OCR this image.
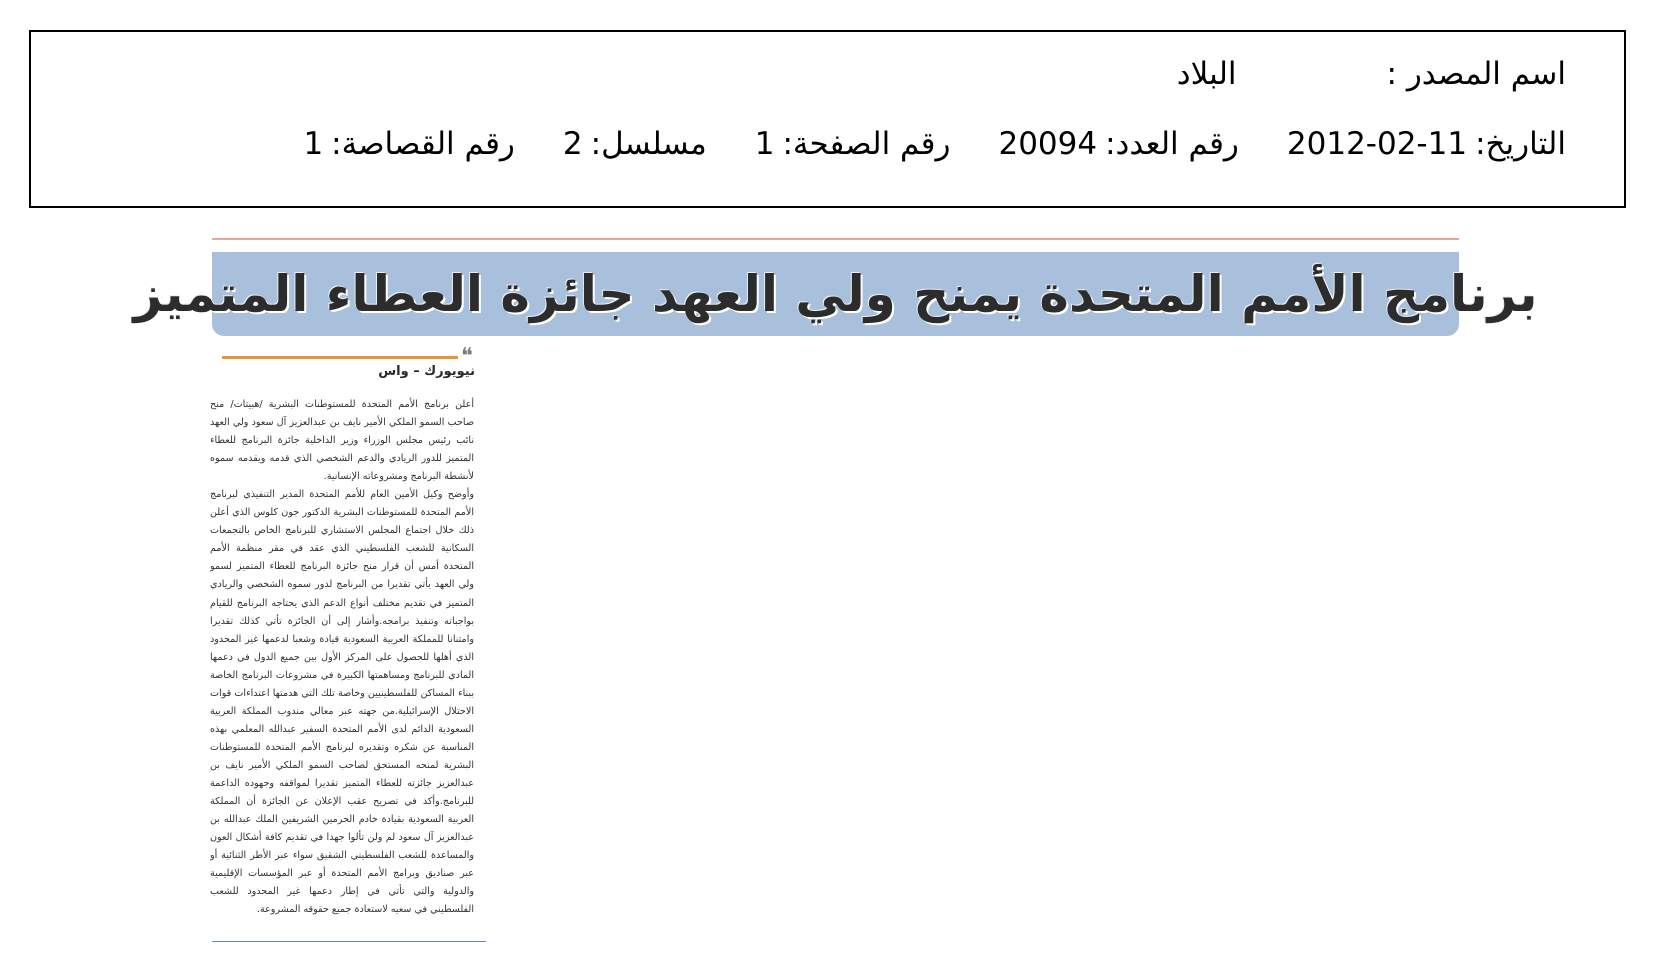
اسم المصدر :البلاد
التاريخ:2012-02-11رقم العدد:20094رقم الصفحة:1مسلسل:2رقم القصاصة:1
برنامج الأمم المتحدة يمنح ولي العهد جائزة العطاء المتميز
❝
نيويورك – واس

أعلن برنامج الأمم المتحدة للمستوطنات البشرية /هبيتات/ منح صاحب السمو الملكي الأمير نايف بن عبدالعزيز آل سعود ولي العهد نائب رئيس مجلس الوزراء وزير الداخلية جائزة البرنامج للعطاء المتميز للدور الريادي والدعم الشخصي الذي قدمه ويقدمه سموه لأنشطة البرنامج ومشروعاته الإنسانية.

وأوضح وكيل الأمين العام للأمم المتحدة المدير التنفيذي لبرنامج الأمم المتحدة للمستوطنات البشرية الدكتور جون كلوس الذي أعلن ذلك خلال اجتماع المجلس الاستشاري للبرنامج الخاص بالتجمعات السكانية للشعب الفلسطيني الذي عقد في مقر منظمة الأمم المتحدة أمس أن قرار منح جائزة البرنامج للعطاء المتميز لسمو ولي العهد يأتي تقديرا من البرنامج لدور سموه الشخصي والريادي المتميز في تقديم مختلف أنواع الدعم الذي يحتاجه البرنامج للقيام بواجباته وتنفيذ برامجه.وأشار إلى أن الجائزة تأتي كذلك تقديرا وامتنانا للمملكة العربية السعودية قيادة وشعبا لدعمها غير المحدود الذي أهلها للحصول على المركز الأول بين جميع الدول في دعمها المادي للبرنامج ومساهمتها الكبيرة في مشروعات البرنامج الخاصة ببناء المساكن للفلسطينيين وخاصة تلك التي هدمتها اعتداءات قوات الاحتلال الإسرائيلية.من جهته عبر معالي مندوب المملكة العربية السعودية الدائم لدى الأمم المتحدة السفير عبدالله المعلمي بهذه المناسبة عن شكره وتقديره لبرنامج الأمم المتحدة للمستوطنات البشرية لمنحه المستحق لصاحب السمو الملكي الأمير نايف بن عبدالعزيز جائزته للعطاء المتميز تقديرا لمواقفه وجهوده الداعمة للبرنامج.وأكد في تصريح عقب الإعلان عن الجائزة أن المملكة العربية السعودية بقيادة خادم الحرمين الشريفين الملك عبدالله بن عبدالعزيز آل سعود لم ولن تألوا جهدا في تقديم كافة أشكال العون والمساعدة للشعب الفلسطيني الشقيق سواء عبر الأطر الثنائية أو عبر صناديق وبرامج الأمم المتحدة أو عبر المؤسسات الإقليمية والدولية والتي تأتي في إطار دعمها غير المحدود للشعب الفلسطيني في سعيه لاستعادة جميع حقوقه المشروعة.
